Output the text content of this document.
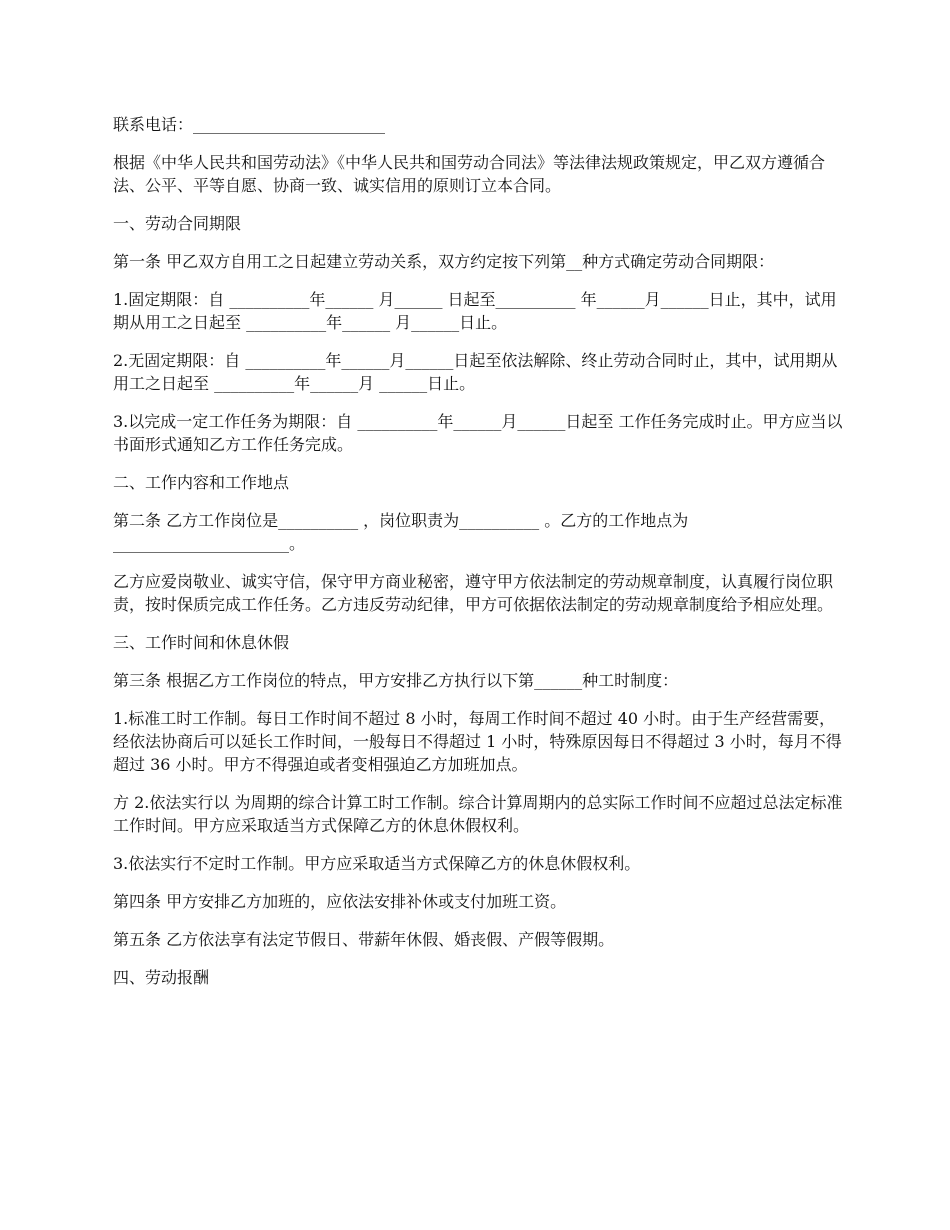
联系电话：________________________

根据《中华人民共和国劳动法》《中华人民共和国劳动合同法》等法律法规政策规定，甲乙双方遵循合法、公平、平等自愿、协商一致、诚实信用的原则订立本合同。

一、劳动合同期限

第一条 甲乙双方自用工之日起建立劳动关系，双方约定按下列第__种方式确定劳动合同期限：

1.固定期限：自 __________年______ 月______ 日起至__________ 年______月______日止，其中，试用期从用工之日起至 __________年______ 月______日止。

2.无固定期限：自 __________年______月______日起至依法解除、终止劳动合同时止，其中，试用期从用工之日起至 __________年______月 ______日止。

3.以完成一定工作任务为期限：自 __________年______月______日起至 工作任务完成时止。甲方应当以书面形式通知乙方工作任务完成。

二、工作内容和工作地点

第二条 乙方工作岗位是__________ ，岗位职责为__________ 。乙方的工作地点为 ______________________。

乙方应爱岗敬业、诚实守信，保守甲方商业秘密，遵守甲方依法制定的劳动规章制度，认真履行岗位职责，按时保质完成工作任务。乙方违反劳动纪律，甲方可依据依法制定的劳动规章制度给予相应处理。

三、工作时间和休息休假

第三条 根据乙方工作岗位的特点，甲方安排乙方执行以下第______种工时制度：

1.标准工时工作制。每日工作时间不超过 8 小时，每周工作时间不超过 40 小时。由于生产经营需要，经依法协商后可以延长工作时间，一般每日不得超过 1 小时，特殊原因每日不得超过 3 小时，每月不得超过 36 小时。甲方不得强迫或者变相强迫乙方加班加点。

方 2.依法实行以 为周期的综合计算工时工作制。综合计算周期内的总实际工作时间不应超过总法定标准工作时间。甲方应采取适当方式保障乙方的休息休假权利。

3.依法实行不定时工作制。甲方应采取适当方式保障乙方的休息休假权利。

第四条 甲方安排乙方加班的，应依法安排补休或支付加班工资。

第五条 乙方依法享有法定节假日、带薪年休假、婚丧假、产假等假期。

四、劳动报酬
